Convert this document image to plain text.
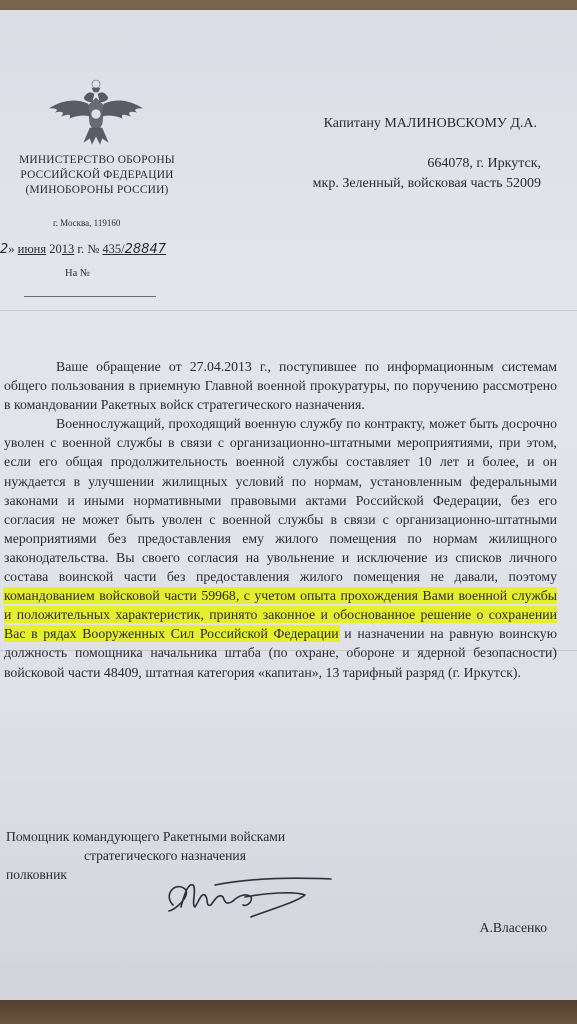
МИНИСТЕРСТВО ОБОРОНЫ
РОССИЙСКОЙ ФЕДЕРАЦИИ
(МИНОБОРОНЫ РОССИИ)
г. Москва, 119160
2» июня 2013 г. № 435/28847
На №
Капитану МАЛИНОВСКОМУ Д.А.
664078, г. Иркутск,
мкр. Зеленный, войсковая часть 52009

Ваше обращение от 27.04.2013 г., поступившее по информационным системам общего пользования в приемную Главной военной прокуратуры, по поручению рассмотрено в командовании Ракетных войск стратегического назначения.

Военнослужащий, проходящий военную службу по контракту, может быть досрочно уволен с военной службы в связи с организационно-штатными мероприятиями, при этом, если его общая продолжительность военной службы составляет 10 лет и более, и он нуждается в улучшении жилищных условий по нормам, установленным федеральными законами и иными нормативными правовыми актами Российской Федерации, без его согласия не может быть уволен с военной службы в связи с организационно-штатными мероприятиями без предоставления ему жилого помещения по нормам жилищного законодательства. Вы своего согласия на увольнение и исключение из списков личного состава воинской части без предоставления жилого помещения не давали, поэтому командованием войсковой части 59968, с учетом опыта прохождения Вами военной службы и положительных характеристик, принято законное и обоснованное решение о сохранении Вас в рядах Вооруженных Сил Российской Федерации и назначении на равную воинскую должность помощника начальника штаба (по охране, обороне и ядерной безопасности) войсковой части 48409, штатная категория «капитан», 13 тарифный разряд (г. Иркутск).

Помощник командующего Ракетными войсками
стратегического назначения
полковник
А.Власенко
